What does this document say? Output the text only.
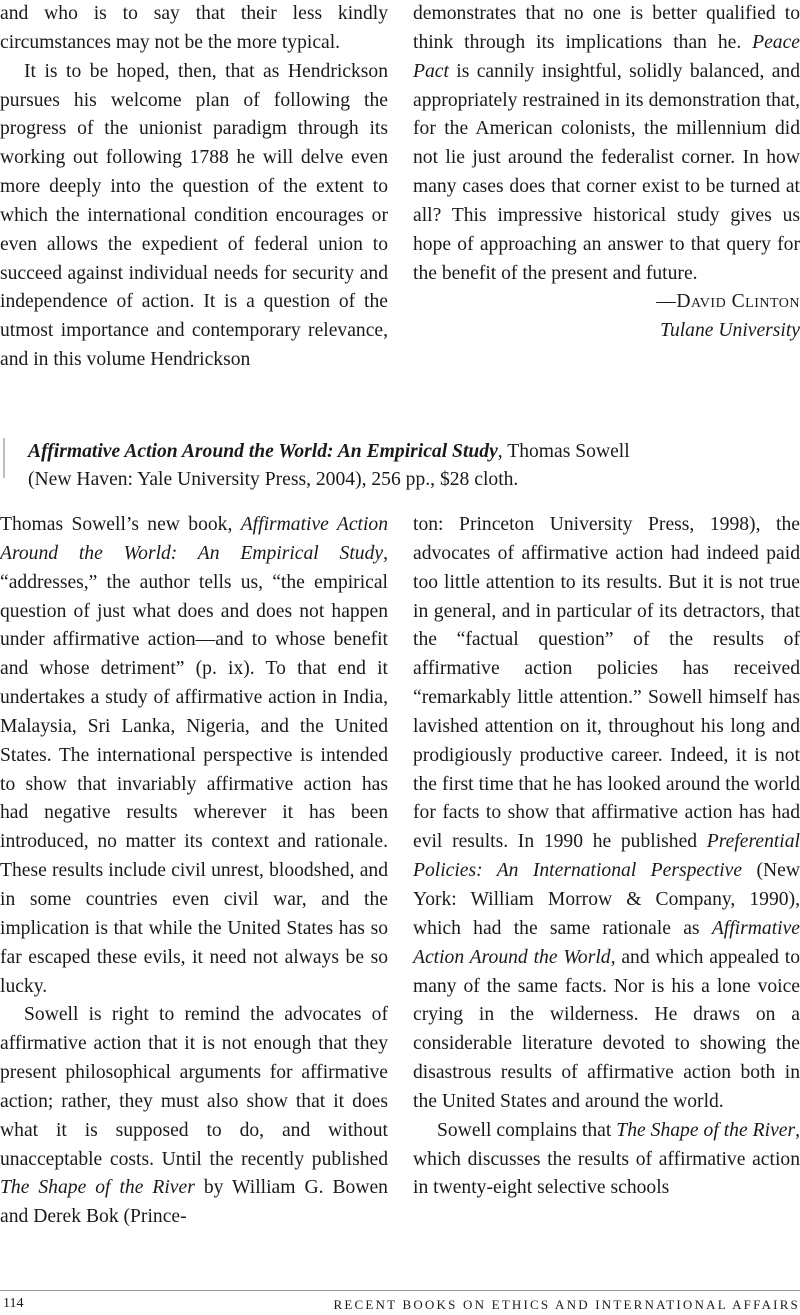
and who is to say that their less kindly circumstances may not be the more typical.

It is to be hoped, then, that as Hendrickson pursues his welcome plan of following the progress of the unionist paradigm through its working out following 1788 he will delve even more deeply into the question of the extent to which the international condition encourages or even allows the expedient of federal union to succeed against individual needs for security and independence of action. It is a question of the utmost importance and contemporary relevance, and in this volume Hendrickson

demonstrates that no one is better qualified to think through its implications than he. Peace Pact is cannily insightful, solidly balanced, and appropriately restrained in its demonstration that, for the American colonists, the millennium did not lie just around the federalist corner. In how many cases does that corner exist to be turned at all? This impressive historical study gives us hope of approaching an answer to that query for the benefit of the present and future.

—David Clinton

Tulane University

Affirmative Action Around the World: An Empirical Study, Thomas Sowell
(New Haven: Yale University Press, 2004), 256 pp., $28 cloth.

Thomas Sowell’s new book, Affirmative Action Around the World: An Empirical Study, “addresses,” the author tells us, “the empirical question of just what does and does not happen under affirmative action—and to whose benefit and whose detriment” (p. ix). To that end it undertakes a study of affirmative action in India, Malaysia, Sri Lanka, Nigeria, and the United States. The international perspective is intended to show that invariably affirmative action has had negative results wherever it has been introduced, no matter its context and rationale. These results include civil unrest, bloodshed, and in some countries even civil war, and the implication is that while the United States has so far escaped these evils, it need not always be so lucky.

Sowell is right to remind the advocates of affirmative action that it is not enough that they present philosophical arguments for affirmative action; rather, they must also show that it does what it is supposed to do, and without unacceptable costs. Until the recently published The Shape of the River by William G. Bowen and Derek Bok (Prince-

ton: Princeton University Press, 1998), the advocates of affirmative action had indeed paid too little attention to its results. But it is not true in general, and in particular of its detractors, that the “factual question” of the results of affirmative action policies has received “remarkably little attention.” Sowell himself has lavished attention on it, throughout his long and prodigiously productive career. Indeed, it is not the first time that he has looked around the world for facts to show that affirmative action has had evil results. In 1990 he published Preferential Policies: An International Perspective (New York: William Morrow & Company, 1990), which had the same rationale as Affirmative Action Around the World, and which appealed to many of the same facts. Nor is his a lone voice crying in the wilderness. He draws on a considerable literature devoted to showing the disastrous results of affirmative action both in the United States and around the world.

Sowell complains that The Shape of the River, which discusses the results of affirmative action in twenty-eight selective schools

114	RECENT BOOKS ON ETHICS AND INTERNATIONAL AFFAIRS
